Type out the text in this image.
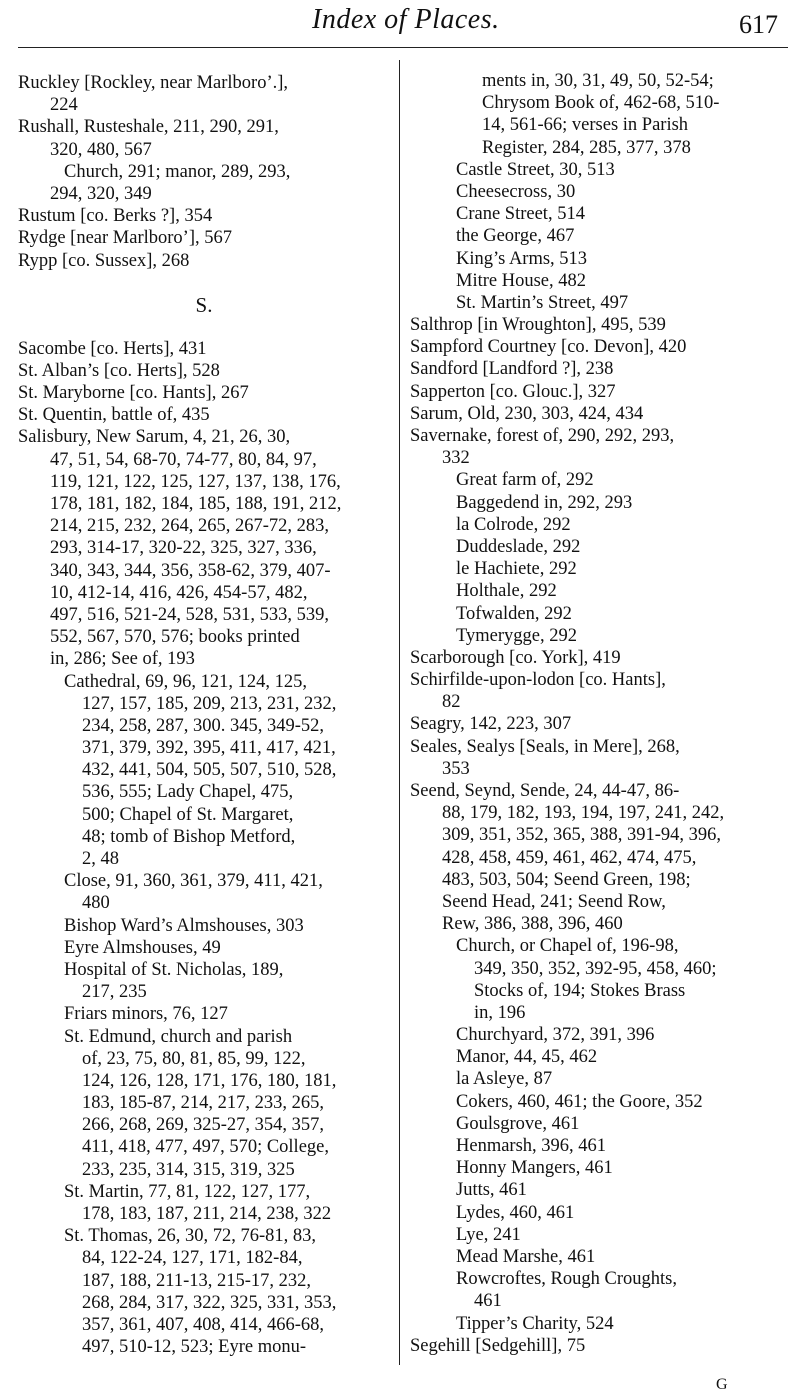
Index of Places.	617
Ruckley [Rockley, near Marlboro’.],
224
Rushall, Rusteshale, 211, 290, 291,
320, 480, 567
Church, 291; manor, 289, 293,
294, 320, 349
Rustum [co. Berks ?], 354
Rydge [near Marlboro’], 567
Rypp [co. Sussex], 268
S.
Sacombe [co. Herts], 431
St. Alban’s [co. Herts], 528
St. Maryborne [co. Hants], 267
St. Quentin, battle of, 435
Salisbury, New Sarum, 4, 21, 26, 30,
47, 51, 54, 68-70, 74-77, 80, 84, 97,
119, 121, 122, 125, 127, 137, 138, 176,
178, 181, 182, 184, 185, 188, 191, 212,
214, 215, 232, 264, 265, 267-72, 283,
293, 314-17, 320-22, 325, 327, 336,
340, 343, 344, 356, 358-62, 379, 407-
10, 412-14, 416, 426, 454-57, 482,
497, 516, 521-24, 528, 531, 533, 539,
552, 567, 570, 576; books printed
in, 286; See of, 193
Cathedral, 69, 96, 121, 124, 125,
127, 157, 185, 209, 213, 231, 232,
234, 258, 287, 300. 345, 349-52,
371, 379, 392, 395, 411, 417, 421,
432, 441, 504, 505, 507, 510, 528,
536, 555; Lady Chapel, 475,
500; Chapel of St. Margaret,
48; tomb of Bishop Metford,
2, 48
Close, 91, 360, 361, 379, 411, 421,
480
Bishop Ward’s Almshouses, 303
Eyre Almshouses, 49
Hospital of St. Nicholas, 189,
217, 235
Friars minors, 76, 127
St. Edmund, church and parish
of, 23, 75, 80, 81, 85, 99, 122,
124, 126, 128, 171, 176, 180, 181,
183, 185-87, 214, 217, 233, 265,
266, 268, 269, 325-27, 354, 357,
411, 418, 477, 497, 570; College,
233, 235, 314, 315, 319, 325
St. Martin, 77, 81, 122, 127, 177,
178, 183, 187, 211, 214, 238, 322
St. Thomas, 26, 30, 72, 76-81, 83,
84, 122-24, 127, 171, 182-84,
187, 188, 211-13, 215-17, 232,
268, 284, 317, 322, 325, 331, 353,
357, 361, 407, 408, 414, 466-68,
497, 510-12, 523; Eyre monu-
ments in, 30, 31, 49, 50, 52-54;
Chrysom Book of, 462-68, 510-
14, 561-66; verses in Parish
Register, 284, 285, 377, 378
Castle Street, 30, 513
Cheesecross, 30
Crane Street, 514
the George, 467
King’s Arms, 513
Mitre House, 482
St. Martin’s Street, 497
Salthrop [in Wroughton], 495, 539
Sampford Courtney [co. Devon], 420
Sandford [Landford ?], 238
Sapperton [co. Glouc.], 327
Sarum, Old, 230, 303, 424, 434
Savernake, forest of, 290, 292, 293,
332
Great farm of, 292
Baggedend in, 292, 293
la Colrode, 292
Duddeslade, 292
le Hachiete, 292
Holthale, 292
Tofwalden, 292
Tymerygge, 292
Scarborough [co. York], 419
Schirfilde-upon-lodon [co. Hants],
82
Seagry, 142, 223, 307
Seales, Sealys [Seals, in Mere], 268,
353
Seend, Seynd, Sende, 24, 44-47, 86-
88, 179, 182, 193, 194, 197, 241, 242,
309, 351, 352, 365, 388, 391-94, 396,
428, 458, 459, 461, 462, 474, 475,
483, 503, 504; Seend Green, 198;
Seend Head, 241; Seend Row,
Rew, 386, 388, 396, 460
Church, or Chapel of, 196-98,
349, 350, 352, 392-95, 458, 460;
Stocks of, 194; Stokes Brass
in, 196
Churchyard, 372, 391, 396
Manor, 44, 45, 462
la Asleye, 87
Cokers, 460, 461; the Goore, 352
Goulsgrove, 461
Henmarsh, 396, 461
Honny Mangers, 461
Jutts, 461
Lydes, 460, 461
Lye, 241
Mead Marshe, 461
Rowcroftes, Rough Croughts,
461
Tipper’s Charity, 524
Segehill [Sedgehill], 75
G
